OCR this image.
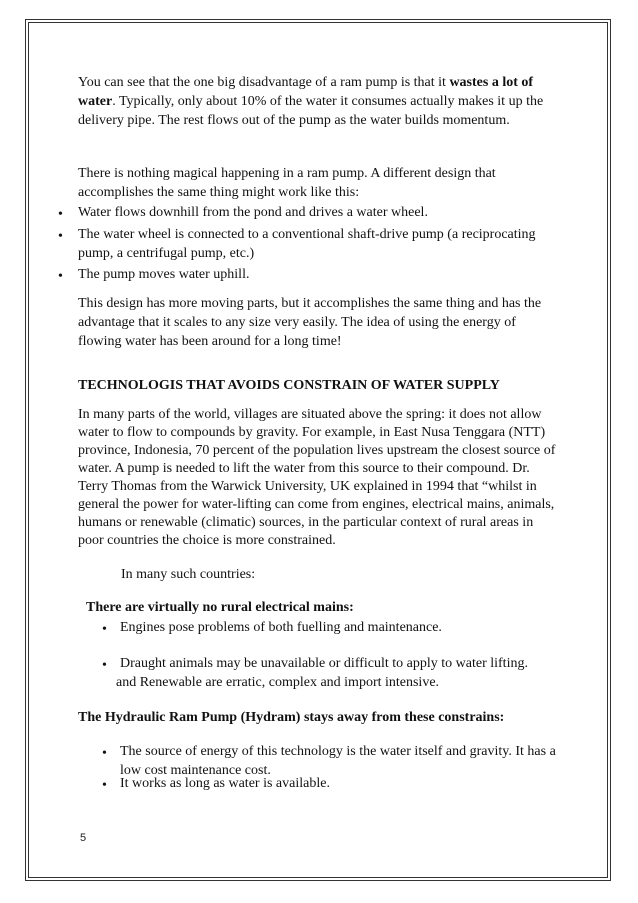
You can see that the one big disadvantage of a ram pump is that it wastes a lot of water. Typically, only about 10% of the water it consumes actually makes it up the delivery pipe. The rest flows out of the pump as the water builds momentum.

There is nothing magical happening in a ram pump. A different design that accomplishes the same thing might work like this:

• Water flows downhill from the pond and drives a water wheel.

• The water wheel is connected to a conventional shaft-drive pump (a reciprocating pump, a centrifugal pump, etc.)

• The pump moves water uphill.

This design has more moving parts, but it accomplishes the same thing and has the advantage that it scales to any size very easily. The idea of using the energy of flowing water has been around for a long time!

TECHNOLOGIS THAT AVOIDS CONSTRAIN OF WATER SUPPLY

In many parts of the world, villages are situated above the spring: it does not allow water to flow to compounds by gravity. For example, in East Nusa Tenggara (NTT) province, Indonesia, 70 percent of the population lives upstream the closest source of water. A pump is needed to lift the water from this source to their compound. Dr. Terry Thomas from the Warwick University, UK explained in 1994 that “whilst in general the power for water-lifting can come from engines, electrical mains, animals, humans or renewable (climatic) sources, in the particular context of rural areas in poor countries the choice is more constrained.

In many such countries:

There are virtually no rural electrical mains:

• Engines pose problems of both fuelling and maintenance.

• Draught animals may be unavailable or difficult to apply to water lifting.

and Renewable are erratic, complex and import intensive.

The Hydraulic Ram Pump (Hydram) stays away from these constrains:

• The source of energy of this technology is the water itself and gravity. It has a low cost maintenance cost.

• It works as long as water is available.

5
